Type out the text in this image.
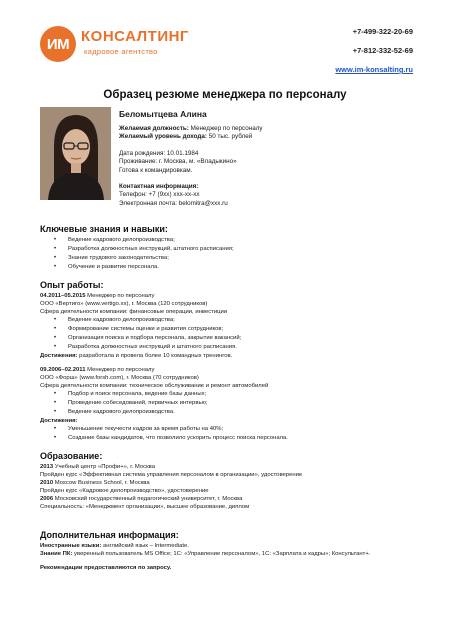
ИМ КОНСАЛТИНГ
кадровое агентство
+7-499-322-20-69
+7-812-332-52-69
www.im-konsalting.ru
Образец резюме менеджера по персоналу
Беломытцева Алина
Желаемая должность: Менеджер по персоналу
Желаемый уровень дохода: 50 тыс. рублей
Дата рождения: 10.01.1984
Проживание: г. Москва, м. «Владыкино»
Готова к командировкам.
Контактная информация:
Телефон: +7 (9хх) ххх-хх-хх
Электронная почта: belomitra@xxx.ru
Ключевые знания и навыки:
• Ведение кадрового делопроизводства;
• Разработка должностных инструкций, штатного расписания;
• Знание трудового законодательства;
• Обучение и развитие персонала.
Опыт работы:
04.2011–05.2015 Менеджер по персоналу
ООО «Вертиго» (www.vertigo.xx), г. Москва (120 сотрудников)
Сфера деятельности компании: финансовые операции, инвестиции
• Ведение кадрового делопроизводства;
• Формирование системы оценки и развития сотрудников;
• Организация поиска и подбора персонала, закрытие вакансий;
• Разработка должностных инструкций и штатного расписания.
Достижения: разработала и провела более 10 командных тренингов.
09.2006–02.2011 Менеджер по персоналу
ООО «Форш» (www.forsh.com), г. Москва (70 сотрудников)
Сфера деятельности компании: техническое обслуживание и ремонт автомобилей
• Подбор и поиск персонала, ведение базы данных;
• Проведение собеседований, первичных интервью;
• Ведение кадрового делопроизводства.
Достижения:
• Уменьшение текучести кадров за время работы на 40%;
• Создание базы кандидатов, что позволило ускорить процесс поиска персонала.
Образование:
2013 Учебный центр «Профи+», г. Москва
Пройден курс «Эффективная система управления персоналом в организации», удостоверение
2010 Moscow Business School, г. Москва
Пройден курс «Кадровое делопроизводство», удостоверение
2006 Московский государственный педагогический университет, г. Москва
Специальность: «Менеджмент организации», высшее образование, диплом
Дополнительная информация:
Иностранные языки: английский язык – Intermediate.
Знание ПК: уверенный пользователь MS Office; 1С: «Управление персоналом», 1С: «Зарплата и кадры»; Консультант+.
Рекомендации предоставляются по запросу.
